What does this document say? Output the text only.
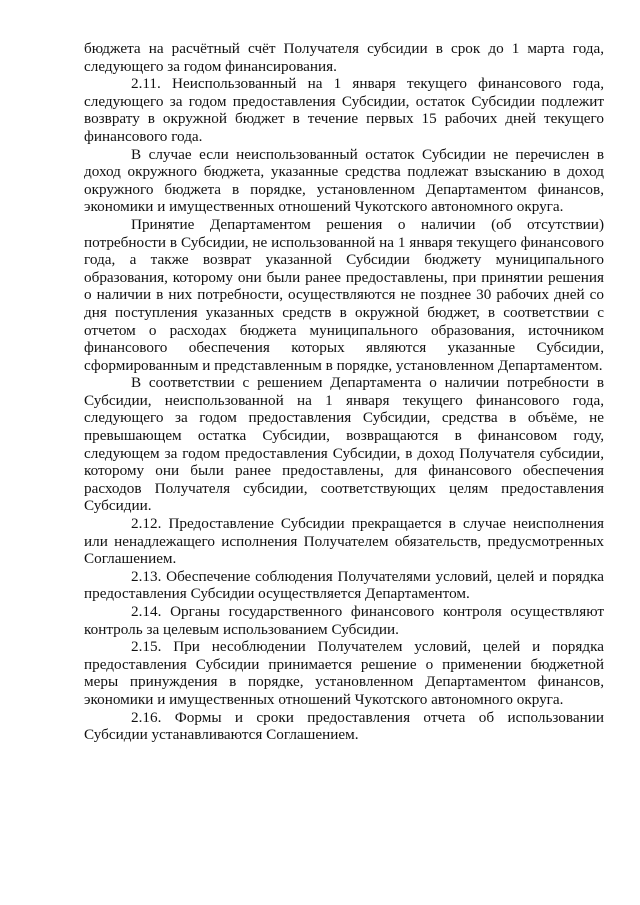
бюджета на расчётный счёт Получателя субсидии в срок до 1 марта года, следующего за годом финансирования.

2.11. Неиспользованный на 1 января текущего финансового года, следующего за годом предоставления Субсидии, остаток Субсидии подлежит возврату в окружной бюджет в течение первых 15 рабочих дней текущего финансового года.

В случае если неиспользованный остаток Субсидии не перечислен в доход окружного бюджета, указанные средства подлежат взысканию в доход окружного бюджета в порядке, установленном Департаментом финансов, экономики и имущественных отношений Чукотского автономного округа.

Принятие Департаментом решения о наличии (об отсутствии) потребности в Субсидии, не использованной на 1 января текущего финансового года, а также возврат указанной Субсидии бюджету муниципального образования, которому они были ранее предоставлены, при принятии решения о наличии в них потребности, осуществляются не позднее 30 рабочих дней со дня поступления указанных средств в окружной бюджет, в соответствии с отчетом о расходах бюджета муниципального образования, источником финансового обеспечения которых являются указанные Субсидии, сформированным и представленным в порядке, установленном Департаментом.

В соответствии с решением Департамента о наличии потребности в Субсидии, неиспользованной на 1 января текущего финансового года, следующего за годом предоставления Субсидии, средства в объёме, не превышающем остатка Субсидии, возвращаются в финансовом году, следующем за годом предоставления Субсидии, в доход Получателя субсидии, которому они были ранее предоставлены, для финансового обеспечения расходов Получателя субсидии, соответствующих целям предоставления Субсидии.

2.12. Предоставление Субсидии прекращается в случае неисполнения или ненадлежащего исполнения Получателем обязательств, предусмотренных Соглашением.

2.13. Обеспечение соблюдения Получателями условий, целей и порядка предоставления Субсидии осуществляется Департаментом.

2.14. Органы государственного финансового контроля осуществляют контроль за целевым использованием Субсидии.

2.15. При несоблюдении Получателем условий, целей и порядка предоставления Субсидии принимается решение о применении бюджетной меры принуждения в порядке, установленном Департаментом финансов, экономики и имущественных отношений Чукотского автономного округа.

2.16. Формы и сроки предоставления отчета об использовании Субсидии устанавливаются Соглашением.
